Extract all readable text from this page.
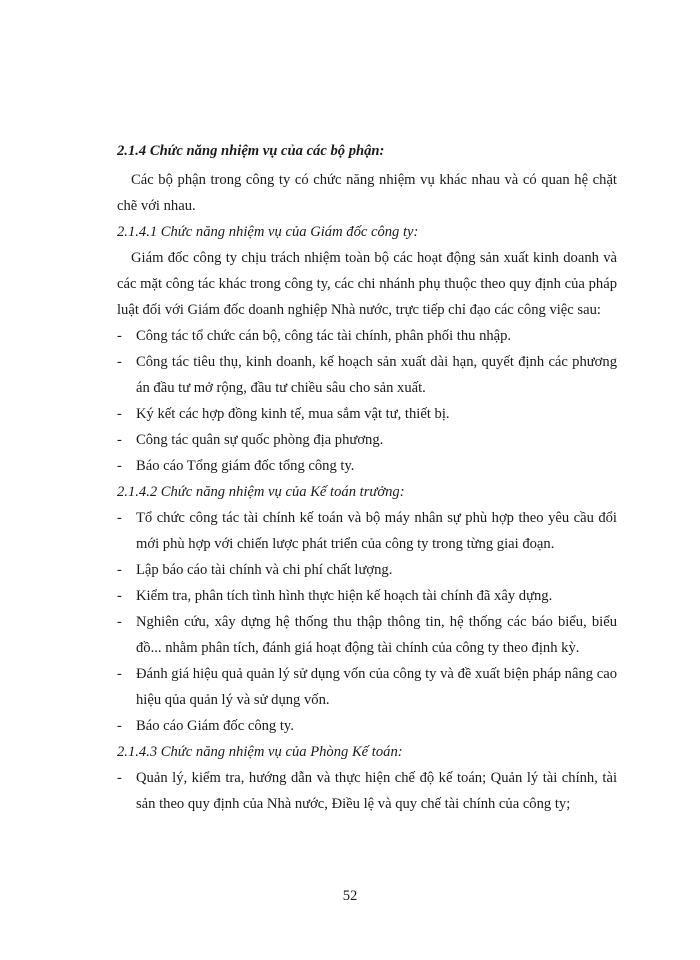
2.1.4 Chức năng nhiệm vụ của các bộ phận:

Các bộ phận trong công ty có chức năng nhiệm vụ khác nhau và có quan hệ chặt chẽ với nhau.

2.1.4.1 Chức năng nhiệm vụ của Giám đốc công ty:

Giám đốc công ty chịu trách nhiệm toàn bộ các hoạt động sản xuất kinh doanh và các mặt công tác khác trong công ty, các chi nhánh phụ thuộc theo quy định của pháp luật đối với Giám đốc doanh nghiệp Nhà nước, trực tiếp chỉ đạo các công việc sau:

- Công tác tổ chức cán bộ, công tác tài chính, phân phối thu nhập.

- Công tác tiêu thụ, kinh doanh, kế hoạch sản xuất dài hạn, quyết định các phương án đầu tư mở rộng, đầu tư chiều sâu cho sản xuất.

- Ký kết các hợp đồng kinh tế, mua sắm vật tư, thiết bị.

- Công tác quân sự quốc phòng địa phương.

- Báo cáo Tổng giám đốc tổng công ty.

2.1.4.2 Chức năng nhiệm vụ của Kế toán trưởng:

- Tổ chức công tác tài chính kế toán và bộ máy nhân sự phù hợp theo yêu cầu đổi mới phù hợp với chiến lược phát triển của công ty trong từng giai đoạn.

- Lập báo cáo tài chính và chi phí chất lượng.

- Kiểm tra, phân tích tình hình thực hiện kế hoạch tài chính đã xây dựng.

- Nghiên cứu, xây dựng hệ thống thu thập thông tin, hệ thống các báo biểu, biểu đồ... nhằm phân tích, đánh giá hoạt động tài chính của công ty theo định kỳ.

- Đánh giá hiệu quả quản lý sử dụng vốn của công ty và đề xuất biện pháp nâng cao hiệu qủa quản lý và sử dụng vốn.

- Báo cáo Giám đốc công ty.

2.1.4.3 Chức năng nhiệm vụ của Phòng Kế toán:

- Quản lý, kiểm tra, hướng dẫn và thực hiện chế độ kế toán; Quản lý tài chính, tài sản theo quy định của Nhà nước, Điều lệ và quy chế tài chính của công ty;

52
